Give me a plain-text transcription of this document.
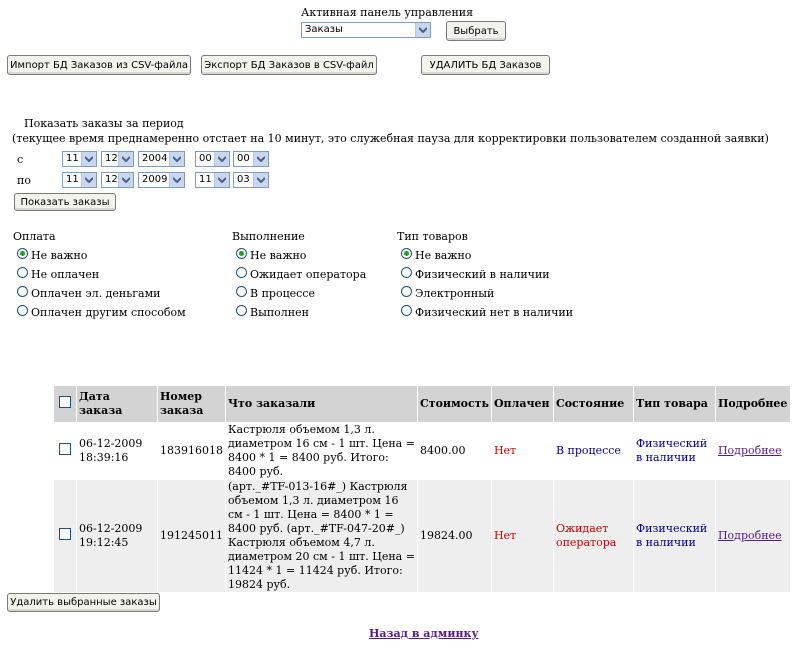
Активная панель управления
Заказы	Выбрать
Импорт БД Заказов из CSV-файла	Экспорт БД Заказов в CSV-файл	УДАЛИТЬ БД Заказов
Показать заказы за период
(текущее время преднамеренно отстает на 10 минут, это служебная пауза для корректировки пользователем созданной заявки)
с	11	12 2004	00	00
по	11	12 2009	11	03
Показать заказы
Оплата
Не важно
Не оплачен
Оплачен эл. деньгами
Оплачен другим способом
Выполнение
Не важно
Ожидает оператора
В процессе
Выполнен
Тип товаров
Не важно
Физический в наличии
Электронный
Физический нет в наличии
	Дата заказа	Номер заказа	Что заказали	Стоимость	Оплачен	Состояние	Тип товара	Подробнее
	06-12-2009 18:39:16	183916018	Кастрюля объемом 1,3 л. диаметром 16 см - 1 шт. Цена = 8400 * 1 = 8400 руб. Итого: 8400 руб.	8400.00	Нет	В процессе	Физический в наличии	Подробнее
	06-12-2009 19:12:45	191245011	(арт._#TF-013-16#_) Кастрюля объемом 1,3 л. диаметром 16 см - 1 шт. Цена = 8400 * 1 = 8400 руб. (арт._#TF-047-20#_) Кастрюля объемом 4,7 л. диаметром 20 см - 1 шт. Цена = 11424 * 1 = 11424 руб. Итого: 19824 руб.	19824.00	Нет	Ожидает оператора	Физический в наличии	Подробнее
Удалить выбранные заказы
Назад в админку
